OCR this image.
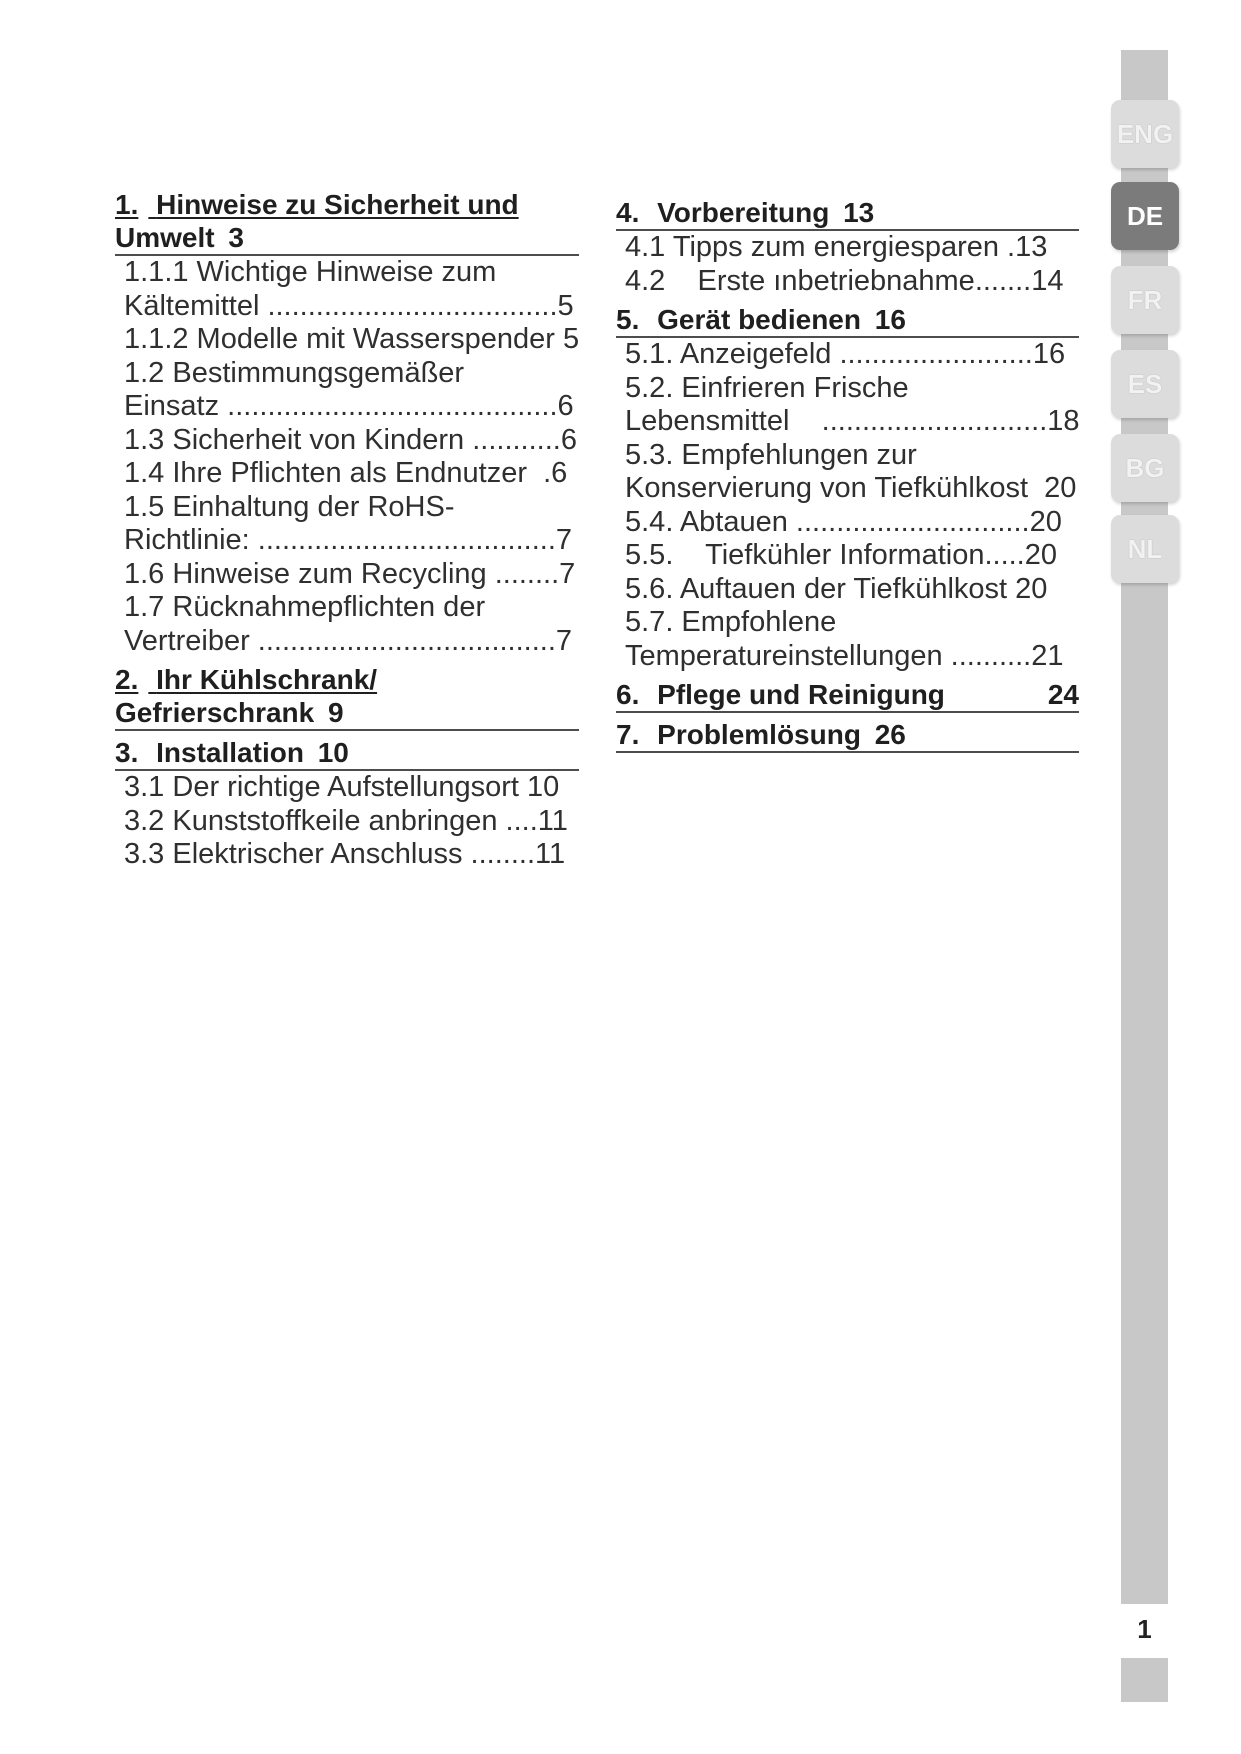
1. Hinweise zu Sicherheit und
Umwelt 3
1.1.1 Wichtige Hinweise zum
Kältemittel ....................................5
1.1.2 Modelle mit Wasserspender 5
1.2 Bestimmungsgemäßer
Einsatz .........................................6
1.3 Sicherheit von Kindern ...........6
1.4 Ihre Pflichten als Endnutzer  .6
1.5 Einhaltung der RoHS-
Richtlinie: .....................................7
1.6 Hinweise zum Recycling ........7
1.7 Rücknahmepflichten der
Vertreiber .....................................7
2. Ihr Kühlschrank/
Gefrierschrank 9
3. Installation 10
3.1 Der richtige Aufstellungsort 10
3.2 Kunststoffkeile anbringen ....11
3.3 Elektrischer Anschluss ........11
4. Vorbereitung 13
4.1 Tipps zum energiesparen .13
4.2    Erste ınbetriebnahme.......14
5. Gerät bedienen 16
5.1. Anzeigefeld ........................16
5.2. Einfrieren Frische
Lebensmittel    ............................18
5.3. Empfehlungen zur
Konservierung von Tiefkühlkost  20
5.4. Abtauen .............................20
5.5.    Tiefkühler Information.....20
5.6. Auftauen der Tiefkühlkost 20
5.7. Empfohlene
Temperatureinstellungen ..........21
6. Pflege und Reinigung	24
7. Problemlösung 26
ENG
DE
FR
ES
BG
NL
1
